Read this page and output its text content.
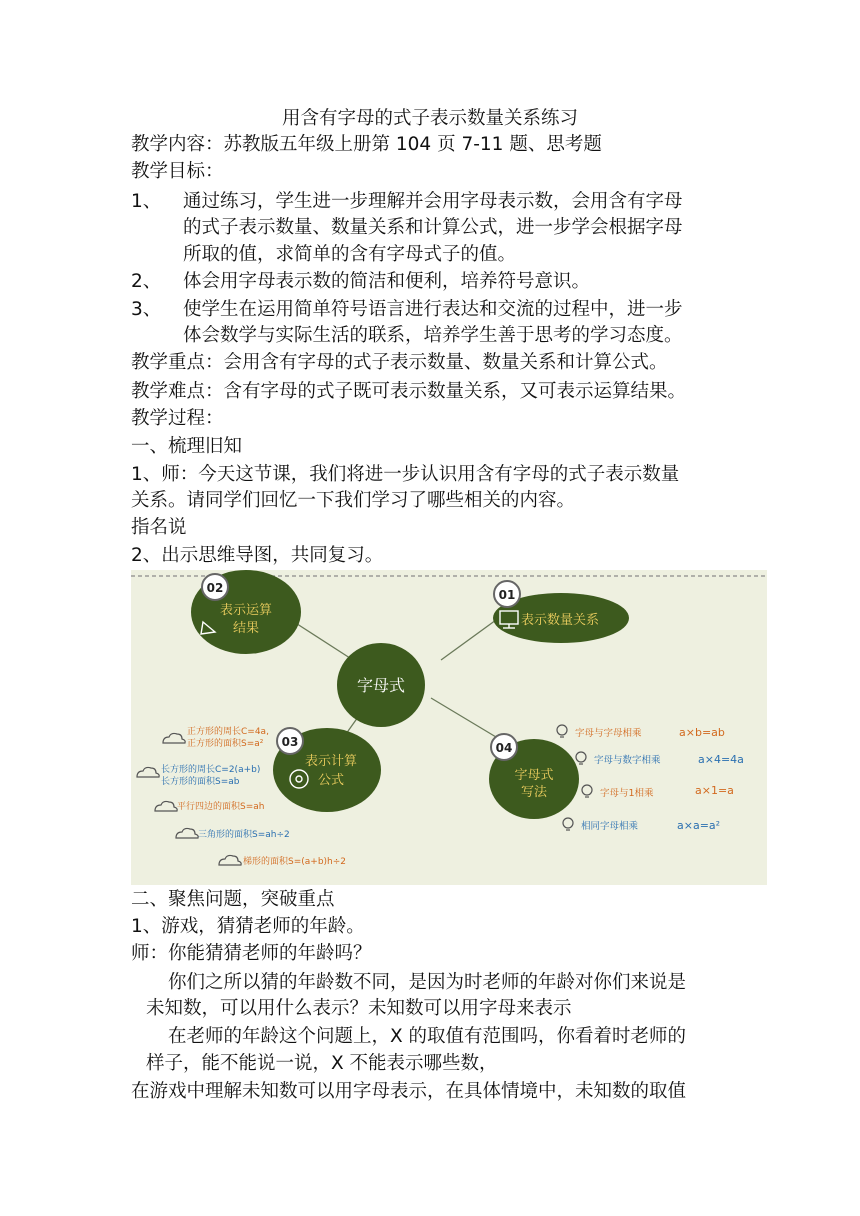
用含有字母的式子表示数量关系练习
教学内容：苏教版五年级上册第 104 页 7-11 题、思考题
教学目标：
1、 通过练习，学生进一步理解并会用字母表示数，会用含有字母
的式子表示数量、数量关系和计算公式，进一步学会根据字母
所取的值，求简单的含有字母式子的值。
2、 体会用字母表示数的简洁和便利，培养符号意识。
3、 使学生在运用简单符号语言进行表达和交流的过程中，进一步
体会数学与实际生活的联系，培养学生善于思考的学习态度。
教学重点：会用含有字母的式子表示数量、数量关系和计算公式。
教学难点：含有字母的式子既可表示数量关系，又可表示运算结果。
教学过程：
一、梳理旧知
1、师：今天这节课，我们将进一步认识用含有字母的式子表示数量
关系。请同学们回忆一下我们学习了哪些相关的内容。
指名说
2、出示思维导图，共同复习。
字母式
02
表示运算
结果
01
表示数量关系
03
表示计算
公式
04
字母式
写法
正方形的周长C=4a,
正方形的面积S=a²
长方形的周长C=2(a+b)
长方形的面积S=ab
平行四边的面积S=ah
三角形的面积S=ah÷2
梯形的面积S=(a+b)h÷2
字母与字母相乘	a×b=ab
字母与数字相乘	a×4=4a
字母与1相乘	a×1=a
相同字母相乘	a×a=a²
二、聚焦问题，突破重点
1、游戏，猜猜老师的年龄。
师：你能猜猜老师的年龄吗？
你们之所以猜的年龄数不同，是因为时老师的年龄对你们来说是
未知数，可以用什么表示？未知数可以用字母来表示
在老师的年龄这个问题上，X 的取值有范围吗，你看着时老师的
样子，能不能说一说，X 不能表示哪些数，
在游戏中理解未知数可以用字母表示，在具体情境中，未知数的取值
